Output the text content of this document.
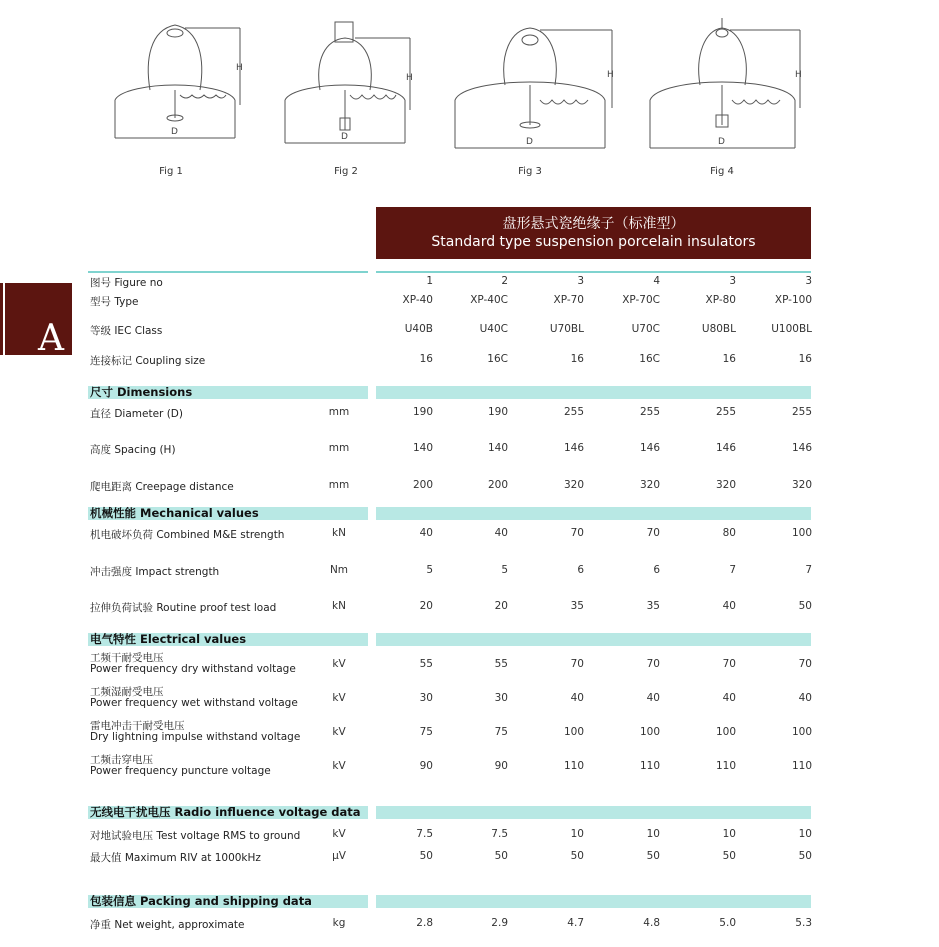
D
H
D
H
D
H
D
H
Fig 1	Fig 2	Fig 3	Fig 4
A
盘形悬式瓷绝缘子（标准型）
Standard type suspension porcelain insulators
图号 Figure no	1	2	3	4	3	3
型号 Type	XP-40	XP-40C	XP-70	XP-70C	XP-80	XP-100
等级 IEC Class	U40B	U40C	U70BL	U70C	U80BL	U100BL
连接标记 Coupling size	16	16C	16	16C	16	16
尺寸 Dimensions
直径 Diameter (D)	mm	190	190	255	255	255	255
高度 Spacing (H)	mm	140	140	146	146	146	146
爬电距离 Creepage distance	mm	200	200	320	320	320	320
机械性能 Mechanical values
机电破坏负荷 Combined M&E strength	kN	40	40	70	70	80	100
冲击强度 Impact strength	Nm	5	5	6	6	7	7
拉伸负荷试验 Routine proof test load	kN	20	20	35	35	40	50
电气特性 Electrical values
工频干耐受电压
Power frequency dry withstand voltage	kV	55	55	70	70	70	70
工频湿耐受电压
Power frequency wet withstand voltage	kV	30	30	40	40	40	40
雷电冲击干耐受电压
Dry lightning impulse withstand voltage	kV	75	75	100	100	100	100
工频击穿电压
Power frequency puncture voltage	kV	90	90	110	110	110	110
无线电干扰电压 Radio influence voltage data
对地试验电压 Test voltage RMS to ground	kV	7.5	7.5	10	10	10	10
最大值 Maximum RIV at 1000kHz	μV	50	50	50	50	50	50
包装信息 Packing and shipping data
净重 Net weight, approximate	kg	2.8	2.9	4.7	4.8	5.0	5.3
